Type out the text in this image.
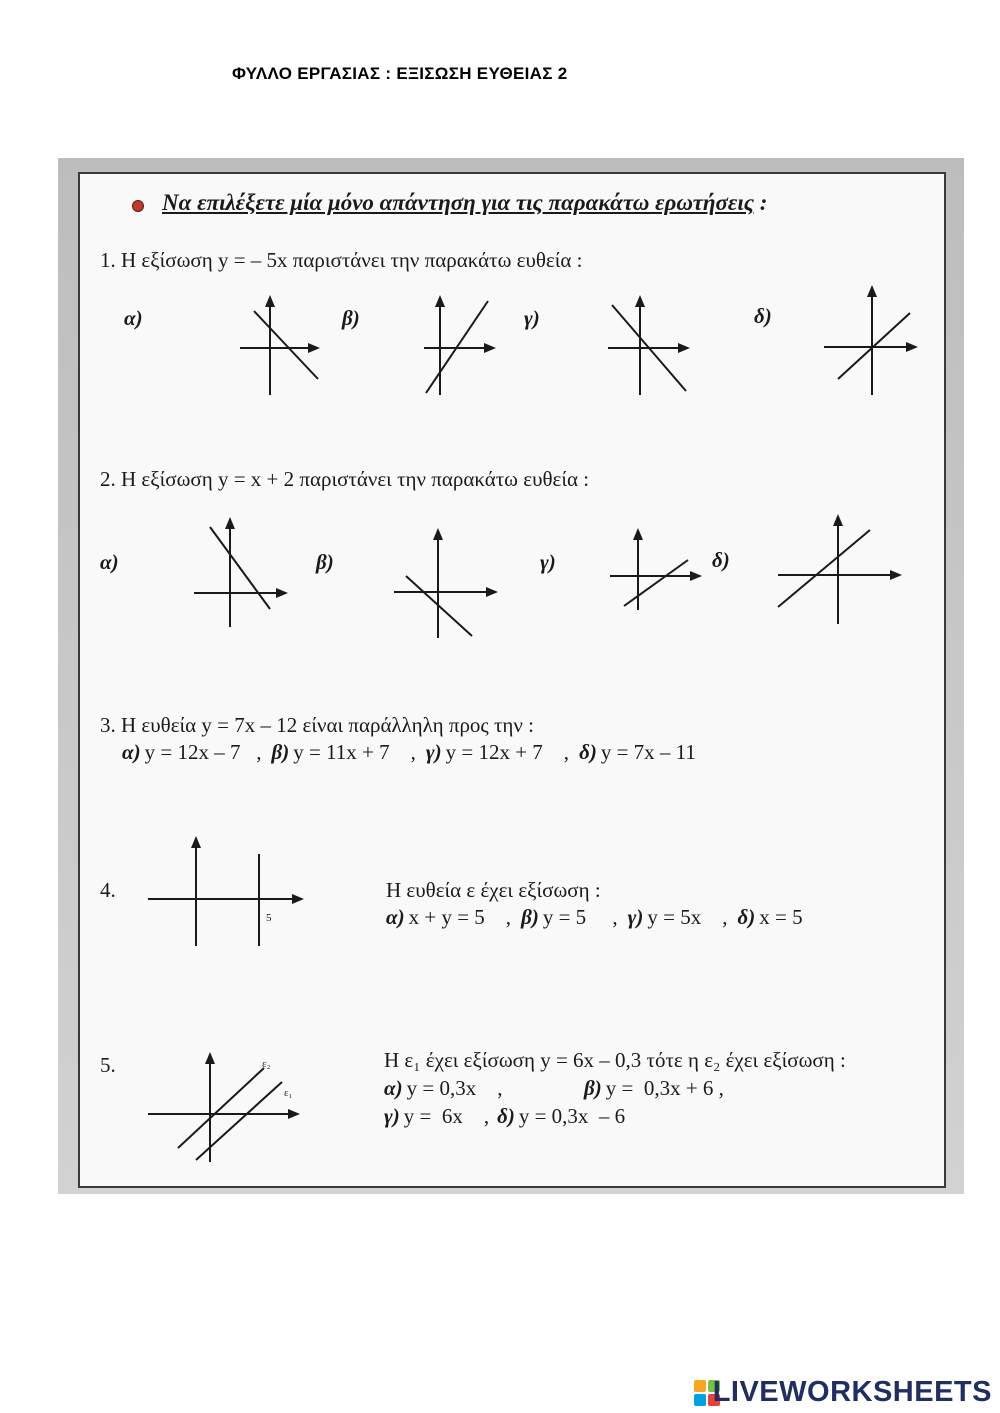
ΦΥΛΛΟ ΕΡΓΑΣΙΑΣ : ΕΞΙΣΩΣΗ ΕΥΘΕΙΑΣ 2
Να επιλέξετε μία μόνο απάντηση για τις παρακάτω ερωτήσεις :
1. Η εξίσωση y = – 5x παριστάνει την παρακάτω ευθεία :
α)	β)	γ)	δ)
2. Η εξίσωση y = x + 2 παριστάνει την παρακάτω ευθεία :
α)	β)	γ)	δ)
3. Η ευθεία y = 7x – 12 είναι παράλληλη προς την :
α) y = 12x – 7   , β) y = 11x + 7    , γ) y = 12x + 7    , δ) y = 7x – 11
4.
5
Η ευθεία ε έχει εξίσωση :
α) x + y = 5    , β) y = 5     , γ) y = 5x    , δ) x = 5
5.	ε₂
ε₁
Η ε₁ έχει εξίσωση y = 6x – 0,3 τότε η ε₂ έχει εξίσωση :
α) y = 0,3x    ,	β) y =  0,3x + 6 ,
γ) y =  6x    , δ) y = 0,3x  – 6
LIVEWORKSHEETS
